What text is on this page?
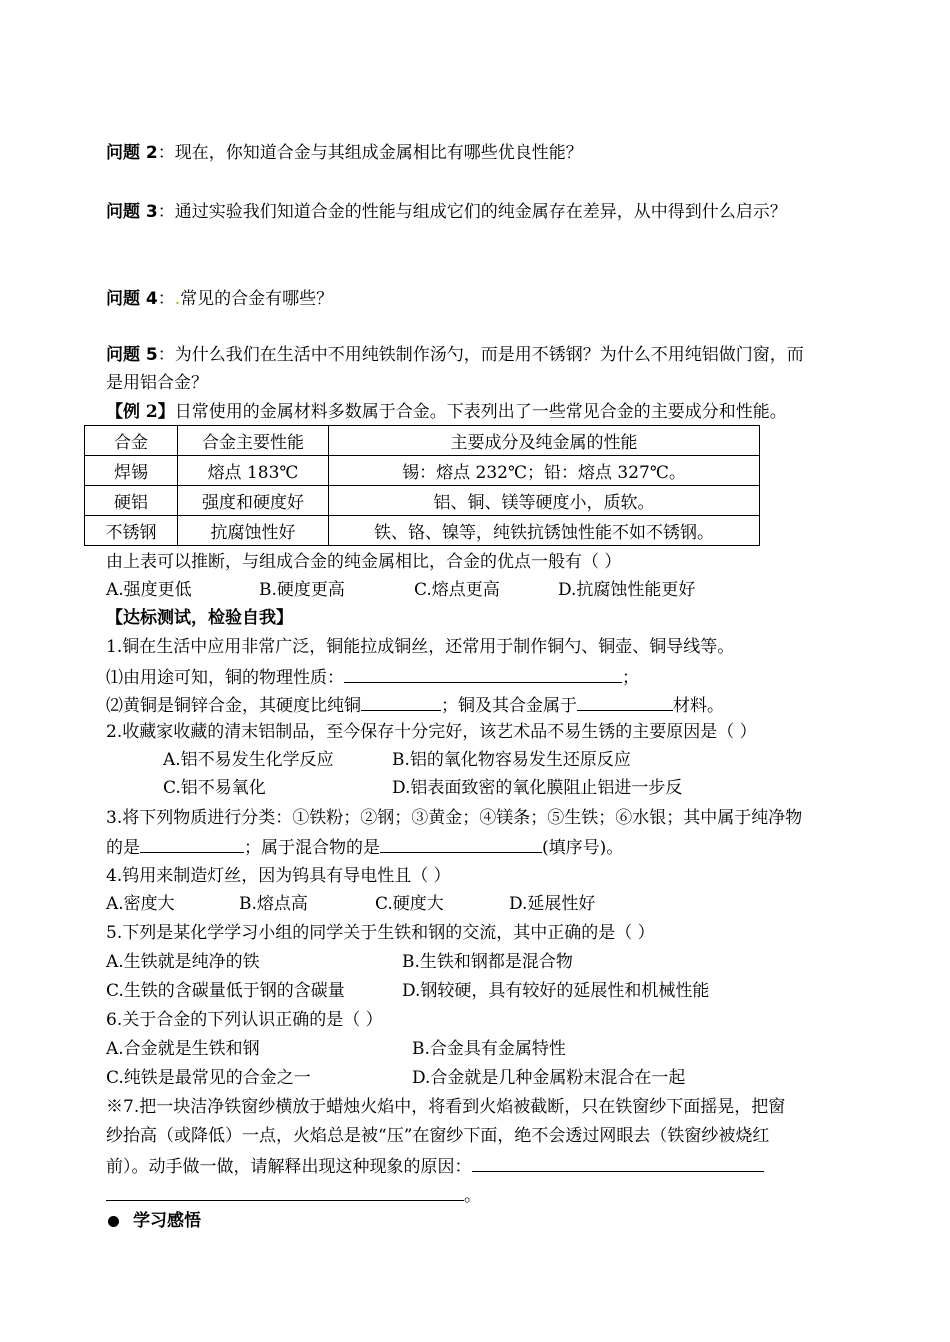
问题 2：现在，你知道合金与其组成金属相比有哪些优良性能？
问题 3：通过实验我们知道合金的性能与组成它们的纯金属存在差异，从中得到什么启示？
问题 4：.常见的合金有哪些？
问题 5：为什么我们在生活中不用纯铁制作汤勺，而是用不锈钢？为什么不用纯铝做门窗，而
是用铝合金？
【例 2】日常使用的金属材料多数属于合金。下表列出了一些常见合金的主要成分和性能。
合金	合金主要性能	主要成分及纯金属的性能
焊锡	熔点 183℃	锡：熔点 232℃；铅：熔点 327℃。
硬铝	强度和硬度好	铝、铜、镁等硬度小，质软。
不锈钢	抗腐蚀性好	铁、铬、镍等，纯铁抗锈蚀性能不如不锈钢。
由上表可以推断，与组成合金的纯金属相比，合金的优点一般有（ ）
A.强度更低	B.硬度更高	C.熔点更高	D.抗腐蚀性能更好
【达标测试，检验自我】
1.铜在生活中应用非常广泛，铜能拉成铜丝，还常用于制作铜勺、铜壶、铜导线等。
⑴由用途可知，铜的物理性质：	；
⑵黄铜是铜锌合金，其硬度比纯铜	；铜及其合金属于	材料。
2.收藏家收藏的清末铝制品，至今保存十分完好，该艺术品不易生锈的主要原因是（ ）
A.铝不易发生化学反应	B.铝的氧化物容易发生还原反应
C.铝不易氧化	D.铝表面致密的氧化膜阻止铝进一步反
3.将下列物质进行分类：①铁粉；②钢；③黄金；④镁条；⑤生铁；⑥水银；其中属于纯净物
的是	；属于混合物的是	(填序号)。
4.钨用来制造灯丝，因为钨具有导电性且（ ）
A.密度大	B.熔点高	C.硬度大	D.延展性好
5.下列是某化学学习小组的同学关于生铁和钢的交流，其中正确的是（ ）
A.生铁就是纯净的铁	B.生铁和钢都是混合物
C.生铁的含碳量低于钢的含碳量	D.钢较硬，具有较好的延展性和机械性能
6.关于合金的下列认识正确的是（ ）
A.合金就是生铁和钢	B.合金具有金属特性
C.纯铁是最常见的合金之一	D.合金就是几种金属粉末混合在一起
※7.把一块洁净铁窗纱横放于蜡烛火焰中，将看到火焰被截断，只在铁窗纱下面摇晃，把窗
纱抬高（或降低）一点，火焰总是被“压”在窗纱下面，绝不会透过网眼去（铁窗纱被烧红
前）。动手做一做，请解释出现这种现象的原因：
。
学习感悟
